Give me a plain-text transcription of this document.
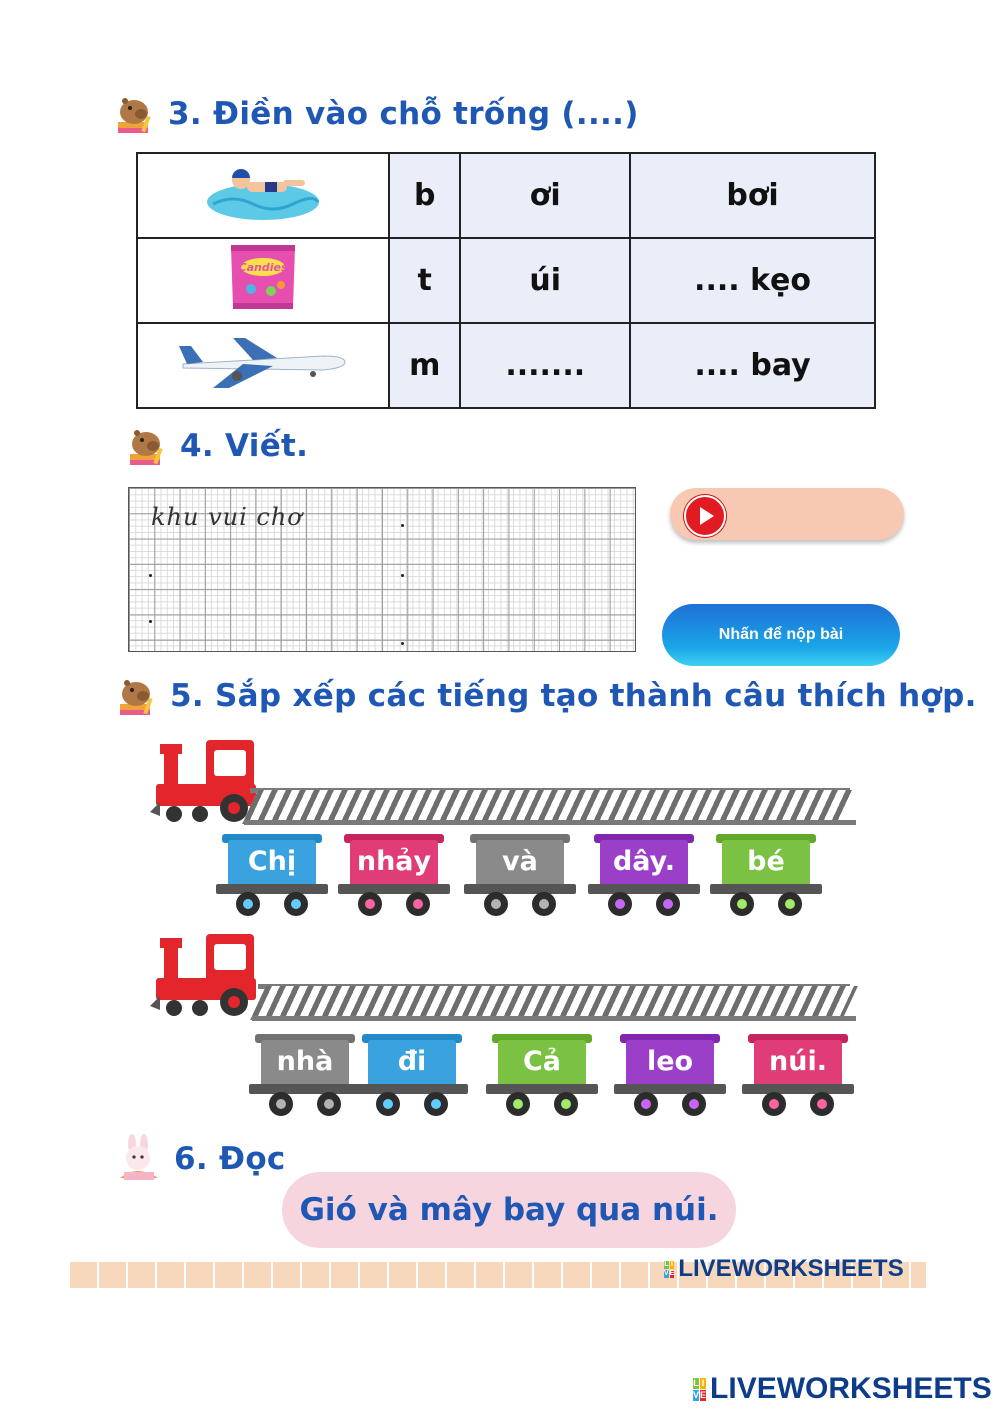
3. Điền vào chỗ trống (....)
	b	ơi	bơi

Candies	t	úi	.... kẹo
	m	.......	.... bay
4. Viết.
khu vui chơ
Nhấn để nộp bài
5. Sắp xếp các tiếng tạo thành câu thích hợp.
Chị	nhảy	và	dây.	bé
nhà	đi	Cả	leo	núi.
6. Đọc
Gió và mây bay qua núi.
L I
V E LIVEWORKSHEETS
L I
V E LIVEWORKSHEETS
